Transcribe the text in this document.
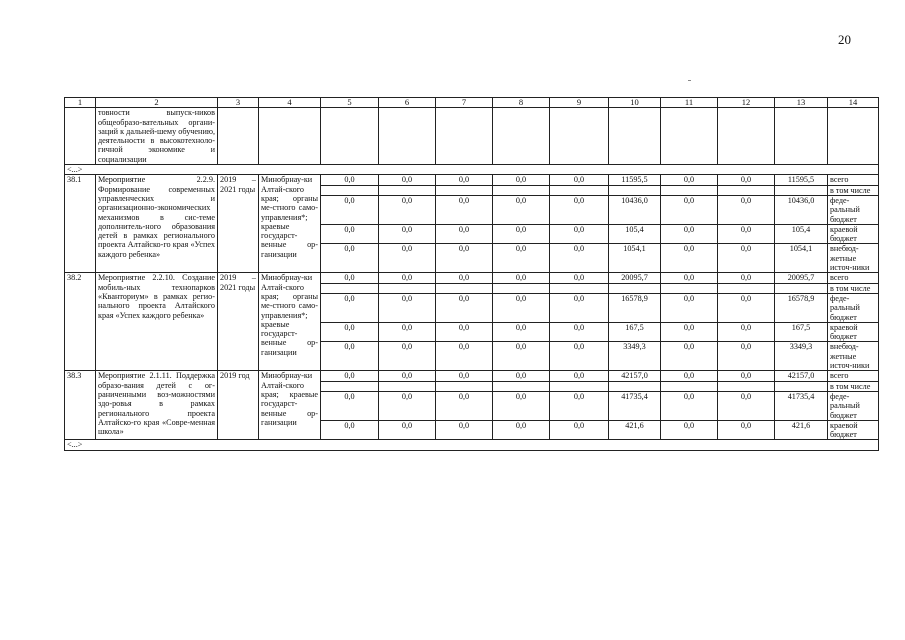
20
1	2	3	4	5	6	7	8	9	10	11	12	13	14
	товности выпуск-ников общеобразо-вательных органи-заций к дальней-шему обучению, деятельности в высокотехноло-гичной экономике и социализации												
<...>													
38.1	Мероприятие 2.2.9. Формирование современных управленческих и организационно-экономических механизмов в сис-теме дополнитель-ного образования детей в рамках регионального проекта Алтайско-го края «Успех каждого ребенка»	2019 – 2021 годы	Минобрнау-ки Алтай-ского края; органы ме-стного само-управления*; краевые государст-венные ор-ганизации	0,0	0,0	0,0	0,0	0,0	11595,5	0,0	0,0	11595,5	всего
													в том числе
				0,0	0,0	0,0	0,0	0,0	10436,0	0,0	0,0	10436,0	феде-ральный бюджет
				0,0	0,0	0,0	0,0	0,0	105,4	0,0	0,0	105,4	краевой бюджет
				0,0	0,0	0,0	0,0	0,0	1054,1	0,0	0,0	1054,1	внебюд-жетные источ-ники
38.2	Мероприятие 2.2.10. Создание мобиль-ных технопарков «Кванториум» в рамках регио-нального проекта Алтайского края «Успех каждого ребенка»	2019 – 2021 годы	Минобрнау-ки Алтай-ского края; органы ме-стного само-управления*; краевые государст-венные ор-ганизации	0,0	0,0	0,0	0,0	0,0	20095,7	0,0	0,0	20095,7	всего
													в том числе
				0,0	0,0	0,0	0,0	0,0	16578,9	0,0	0,0	16578,9	феде-ральный бюджет
				0,0	0,0	0,0	0,0	0,0	167,5	0,0	0,0	167,5	краевой бюджет
				0,0	0,0	0,0	0,0	0,0	3349,3	0,0	0,0	3349,3	внебюд-жетные источ-ники
38.3	Мероприятие 2.1.11. Поддержка образо-вания детей с ог-раниченными воз-можностями здо-ровья в рамках регионального проекта Алтайско-го края «Совре-менная школа»	2019 год	Минобрнау-ки Алтай-ского края; краевые государст-венные ор-ганизации	0,0	0,0	0,0	0,0	0,0	42157,0	0,0	0,0	42157,0	всего
													в том числе
				0,0	0,0	0,0	0,0	0,0	41735,4	0,0	0,0	41735,4	феде-ральный бюджет
				0,0	0,0	0,0	0,0	0,0	421,6	0,0	0,0	421,6	краевой бюджет
<...>													
